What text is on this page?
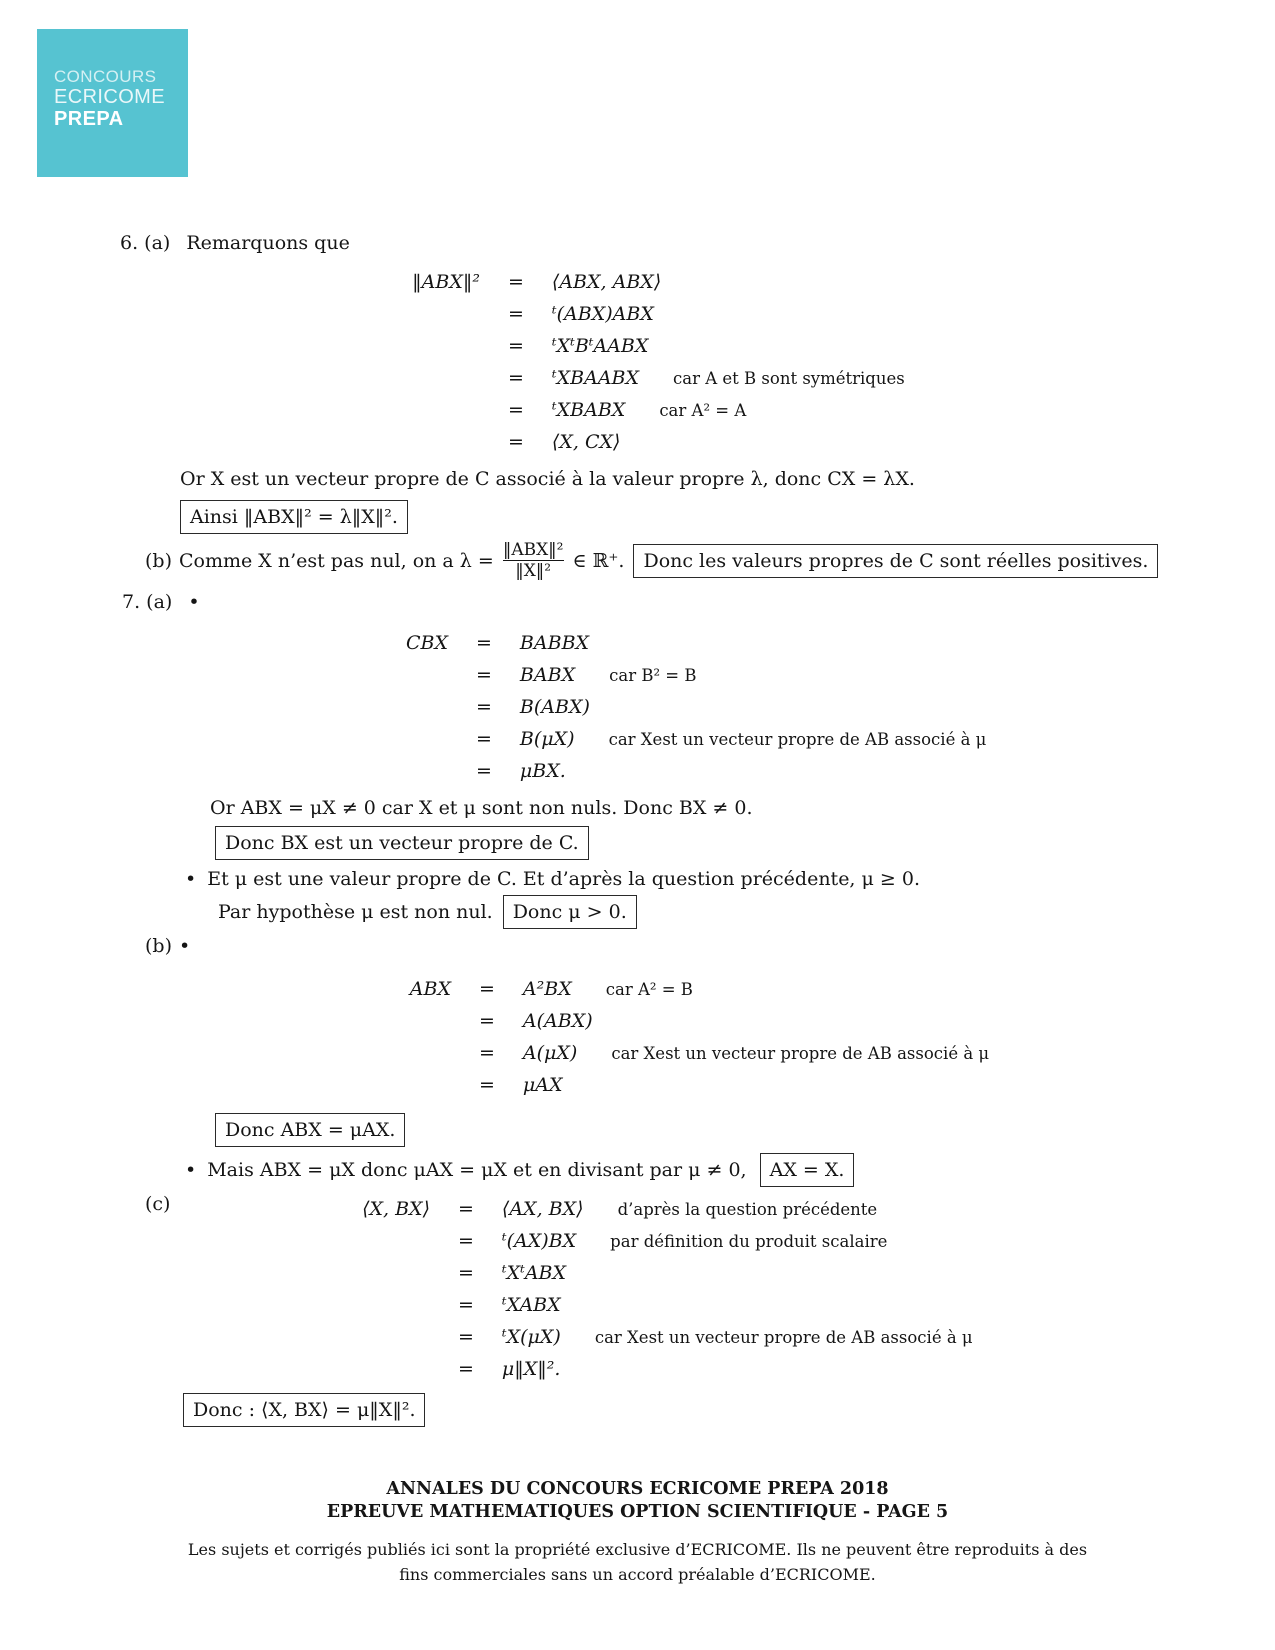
CONCOURS
ECRICOME
PREPA
6. (a) Remarquons que
‖ABX‖²	=	⟨ABX, ABX⟩
=	ᵗ(ABX)ABX
=	ᵗXᵗBᵗAABX
=	ᵗXBAABX car A et B sont symétriques
=	ᵗXBABX car A² = A
=	⟨X, CX⟩
Or X est un vecteur propre de C associé à la valeur propre λ, donc CX = λX.
Ainsi ‖ABX‖² = λ‖X‖².
(b) Comme X n’est pas nul, on a $\lambda = \frac{\text{‖ABX‖²}}{\text{‖X‖²}}$ ∈ ℝ⁺.	Donc les valeurs propres de C sont réelles positives.
7. (a) •
CBX	=	BABBX
=	BABX car B² = B
=	B(ABX)
=	B(μX) car Xest un vecteur propre de AB associé à μ
=	μBX.
Or ABX = μX ≠ 0 car X et μ sont non nuls. Donc BX ≠ 0.
Donc BX est un vecteur propre de C.
• Et μ est une valeur propre de C. Et d’après la question précédente, μ ≥ 0.
Par hypothèse μ est non nul. Donc μ > 0.
(b) •
ABX	=	A²BX car A² = B
=	A(ABX)
=	A(μX) car Xest un vecteur propre de AB associé à μ
=	μAX
Donc ABX = μAX.
• Mais ABX = μX donc μAX = μX et en divisant par μ ≠ 0,	AX = X.
(c)	⟨X, BX⟩	=	⟨AX, BX⟩ d’après la question précédente
=	ᵗ(AX)BX par définition du produit scalaire
=	ᵗXᵗABX
=	ᵗXABX
=	ᵗX(μX) car Xest un vecteur propre de AB associé à μ
=	μ‖X‖².
Donc : ⟨X, BX⟩ = μ‖X‖².
ANNALES DU CONCOURS ECRICOME PREPA 2018
EPREUVE MATHEMATIQUES OPTION SCIENTIFIQUE - PAGE 5
Les sujets et corrigés publiés ici sont la propriété exclusive d’ECRICOME. Ils ne peuvent être reproduits à des
fins commerciales sans un accord préalable d’ECRICOME.
